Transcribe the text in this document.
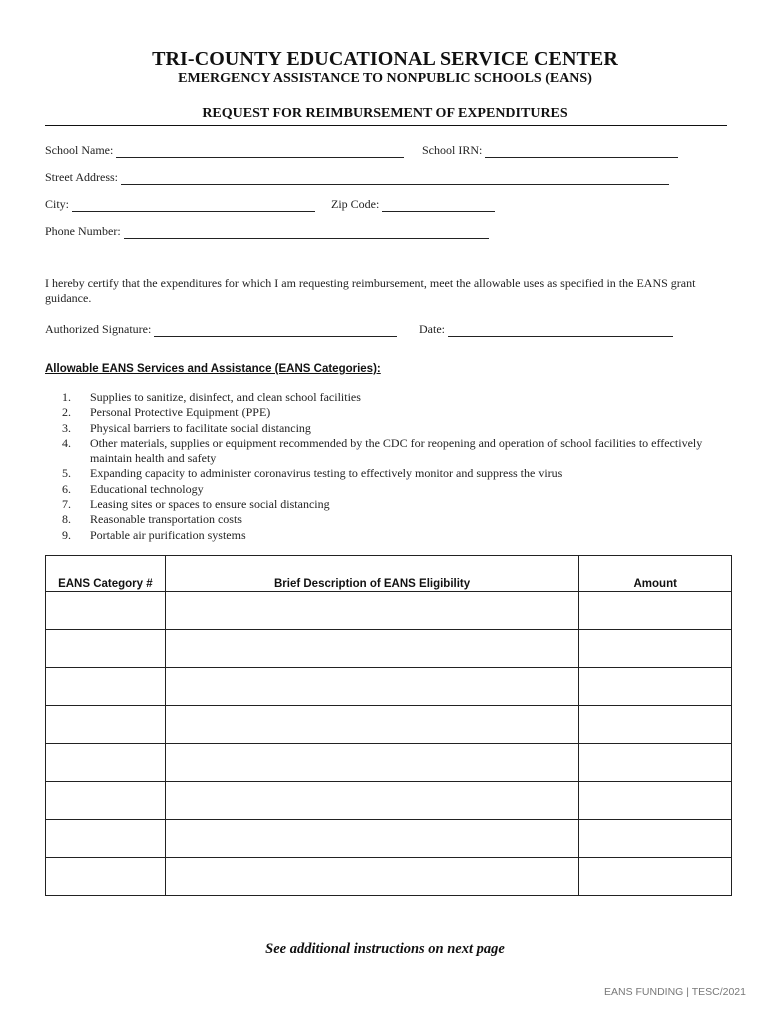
TRI-COUNTY EDUCATIONAL SERVICE CENTER
EMERGENCY ASSISTANCE TO NONPUBLIC SCHOOLS (EANS)
REQUEST FOR REIMBURSEMENT OF EXPENDITURES
School Name:	School IRN:
Street Address:
City:	Zip Code:
Phone Number:
I hereby certify that the expenditures for which I am requesting reimbursement, meet the allowable uses as specified in the EANS grant guidance.
Authorized Signature:	Date:
Allowable EANS Services and Assistance (EANS Categories):
1.	Supplies to sanitize, disinfect, and clean school facilities
2.	Personal Protective Equipment (PPE)
3.	Physical barriers to facilitate social distancing
4.	Other materials, supplies or equipment recommended by the CDC for reopening and operation of school facilities to effectively maintain health and safety
5.	Expanding capacity to administer coronavirus testing to effectively monitor and suppress the virus
6.	Educational technology
7.	Leasing sites or spaces to ensure social distancing
8.	Reasonable transportation costs
9.	Portable air purification systems
EANS Category #	Brief Description of EANS Eligibility	Amount

See additional instructions on next page
EANS FUNDING | TESC/2021
